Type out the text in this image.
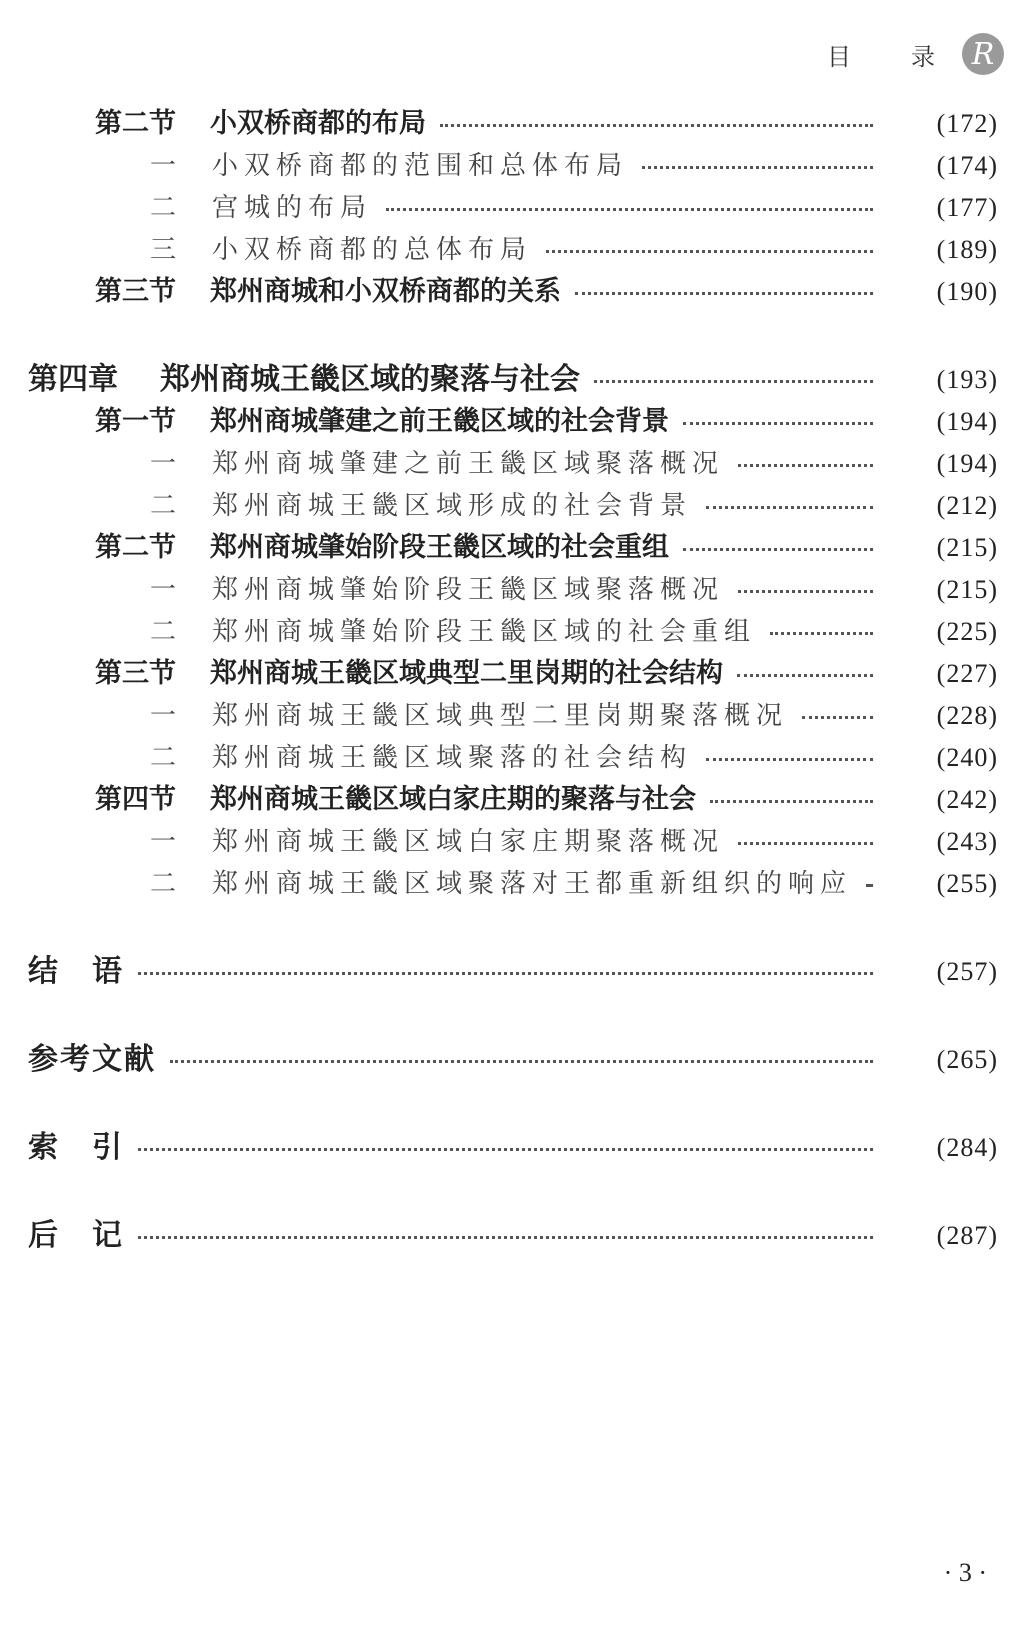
目　录 R
第二节 小双桥商都的布局	(172)
一 小双桥商都的范围和总体布局	(174)
二 宫城的布局	(177)
三 小双桥商都的总体布局	(189)
第三节 郑州商城和小双桥商都的关系	(190)
第四章 郑州商城王畿区域的聚落与社会	(193)
第一节 郑州商城肇建之前王畿区域的社会背景	(194)
一 郑州商城肇建之前王畿区域聚落概况	(194)
二 郑州商城王畿区域形成的社会背景	(212)
第二节 郑州商城肇始阶段王畿区域的社会重组	(215)
一 郑州商城肇始阶段王畿区域聚落概况	(215)
二 郑州商城肇始阶段王畿区域的社会重组	(225)
第三节 郑州商城王畿区域典型二里岗期的社会结构	(227)
一 郑州商城王畿区域典型二里岗期聚落概况	(228)
二 郑州商城王畿区域聚落的社会结构	(240)
第四节 郑州商城王畿区域白家庄期的聚落与社会	(242)
一 郑州商城王畿区域白家庄期聚落概况	(243)
二 郑州商城王畿区域聚落对王都重新组织的响应	(255)
结　语	(257)
参考文献	(265)
索　引	(284)
后　记	(287)
· 3 ·
